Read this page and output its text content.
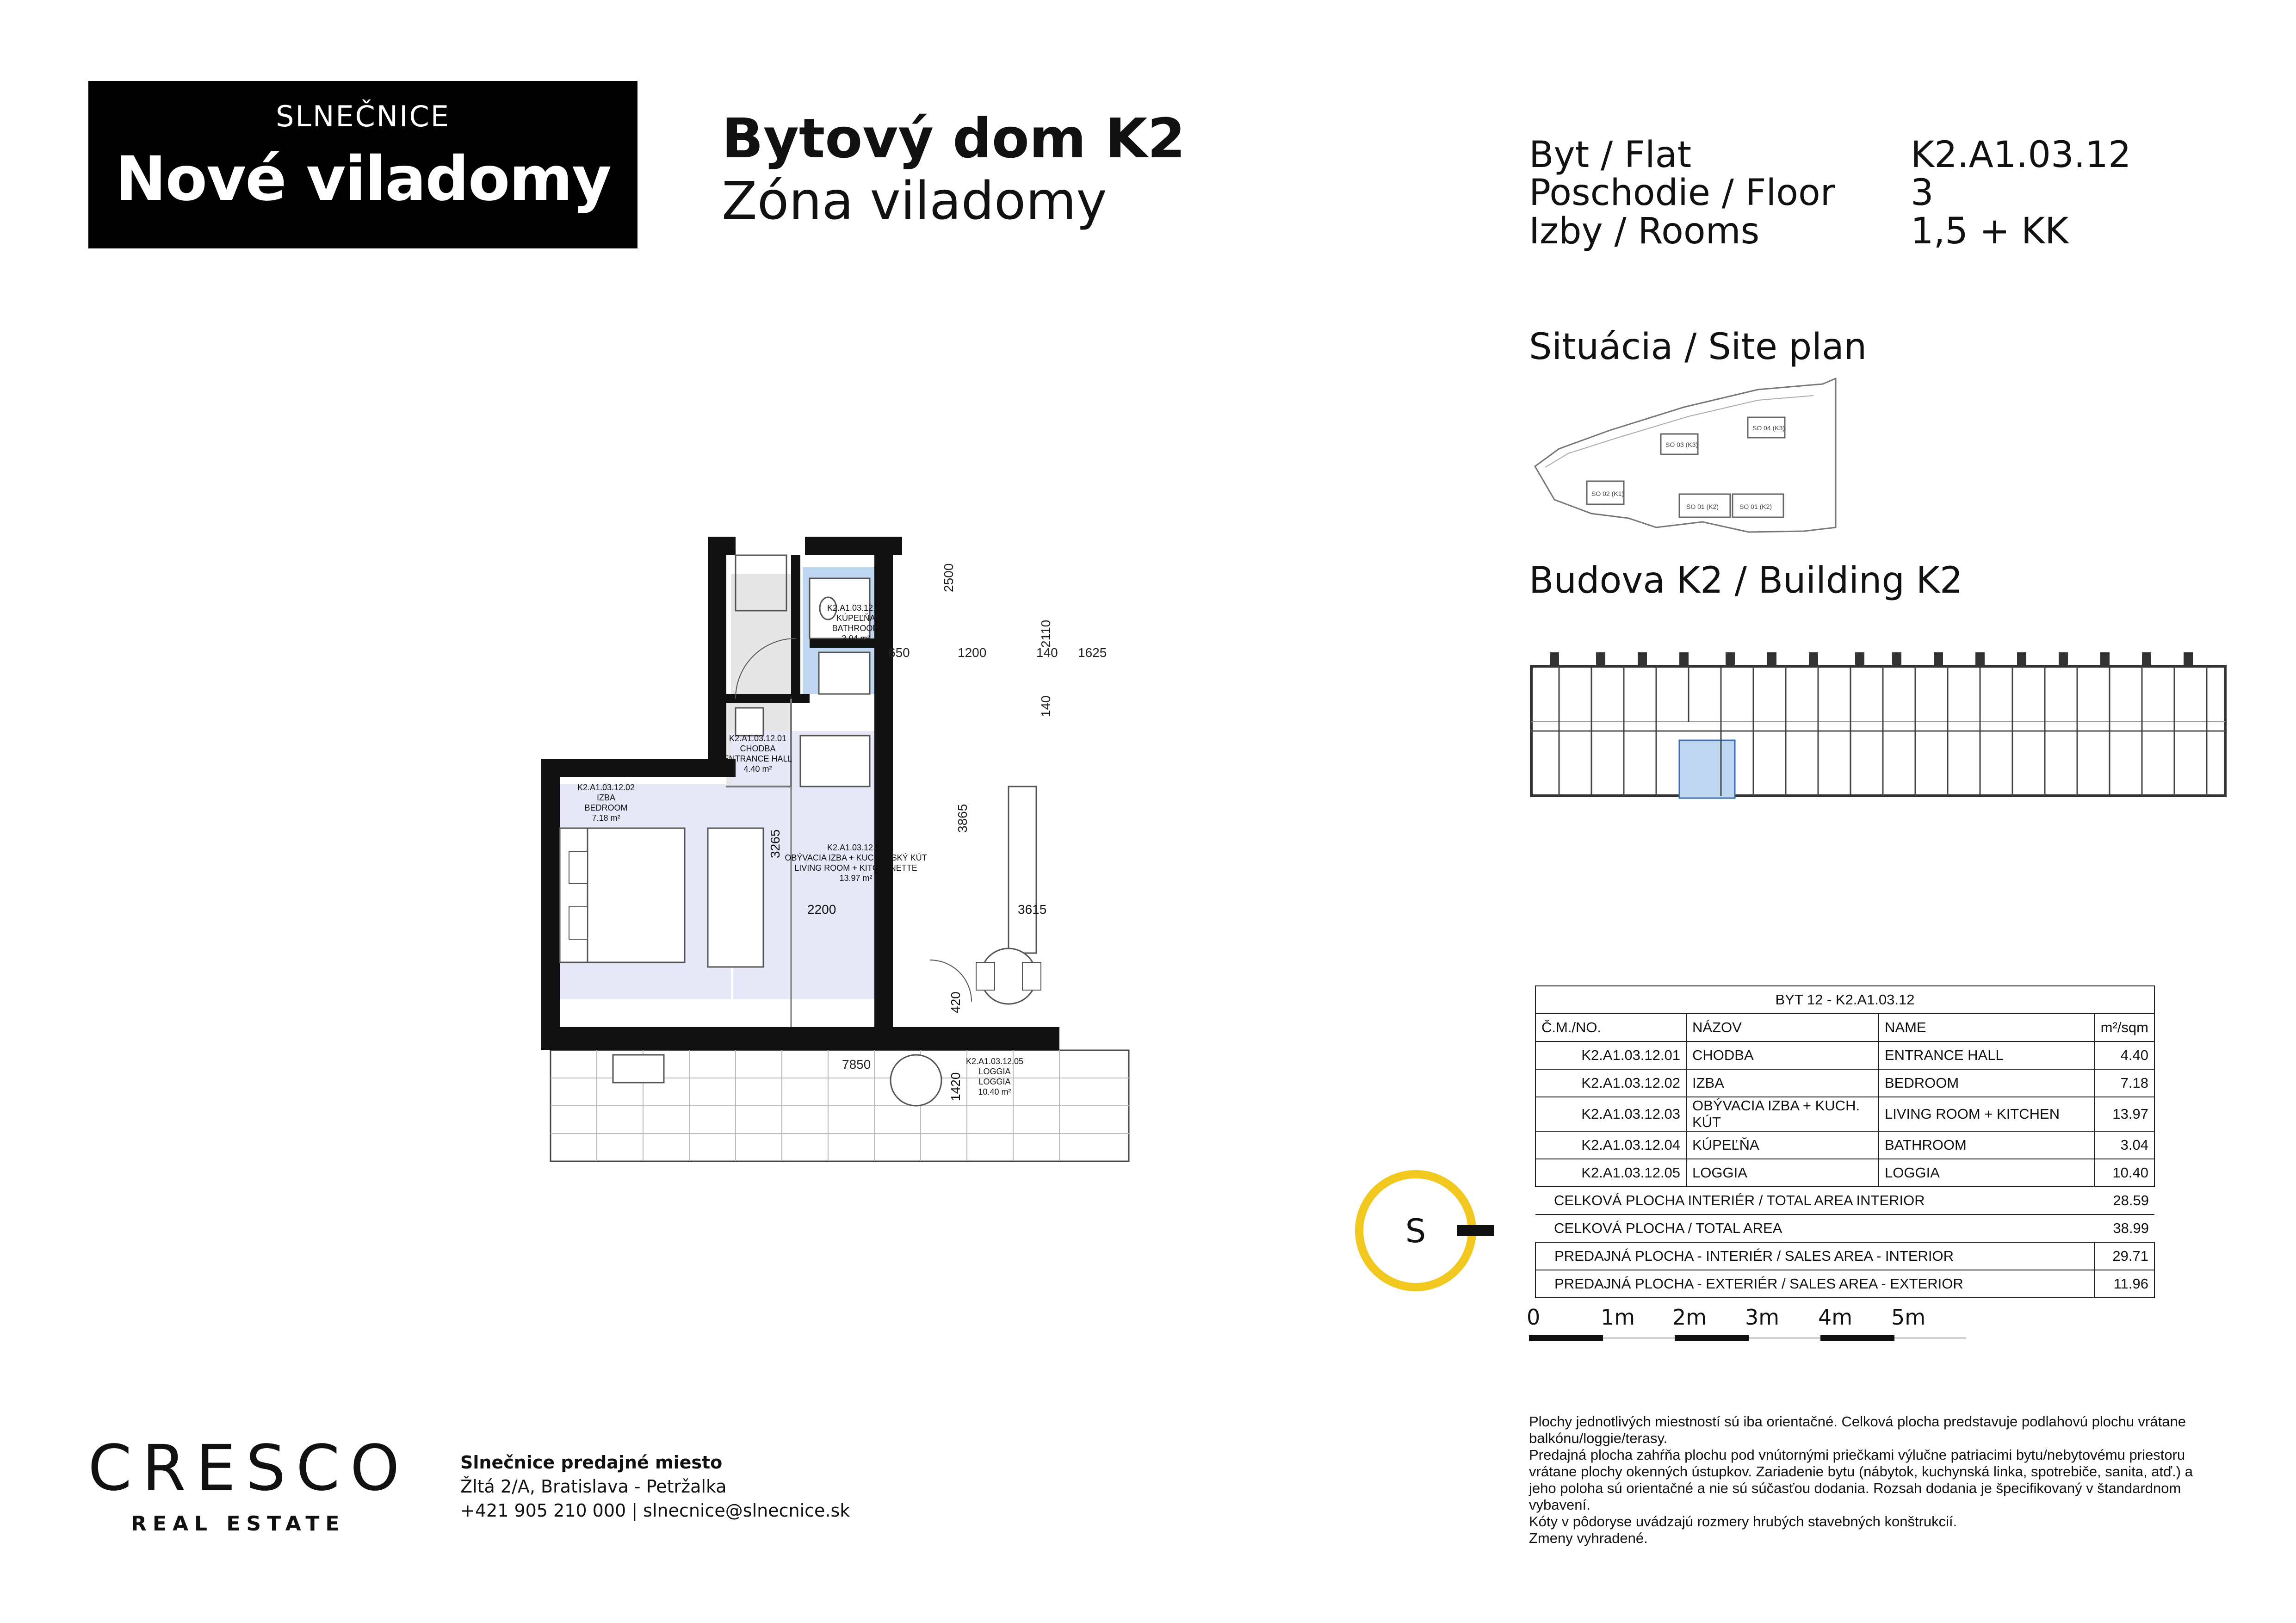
SLNEČNICE
Nové viladomy
Bytový dom K2
Zóna viladomy
Byt / Flat	K2.A1.03.12
Poschodie / Floor 3
Izby / Rooms	1,5 + KK
Situácia / Site plan
SO 03 (K3)
SO 04 (K3)
SO 02 (K1)
SO 01 (K2)	SO 01 (K2)
Budova K2 / Building K2
K2.A1.03.12.01
CHODBA
ENTRANCE HALL
4.40 m²
K2.A1.03.12.02
IZBA
BEDROOM
7.18 m²
K2.A1.03.12.03
OBÝVACIA IZBA + KUCHYNSKÝ KÚT
LIVING ROOM + KITCHENETTE
13.97 m²
K2.A1.03.12.04
KÚPEĽŇA
BATHROOM
3.04 m²
K2.A1.03.12.05
LOGGIA
LOGGIA
10.40 m²
2500
650	1200
2110
140 1625
140
3865
7850
3265
2200	3615
420
1420
S
BYT 12 - K2.A1.03.12			
Č.M./NO.	NÁZOV	NAME	m²/sqm
K2.A1.03.12.01	CHODBA	ENTRANCE HALL	4.40
K2.A1.03.12.02	IZBA	BEDROOM	7.18
K2.A1.03.12.03	OBÝVACIA IZBA + KUCH. KÚT	LIVING ROOM + KITCHEN	13.97
K2.A1.03.12.04	KÚPEĽŇA	BATHROOM	3.04
K2.A1.03.12.05	LOGGIA	LOGGIA	10.40
CELKOVÁ PLOCHA INTERIÉR / TOTAL AREA INTERIOR			28.59
CELKOVÁ PLOCHA / TOTAL AREA			38.99
PREDAJNÁ PLOCHA - INTERIÉR / SALES AREA - INTERIOR			29.71
PREDAJNÁ PLOCHA - EXTERIÉR / SALES AREA - EXTERIOR			11.96
0	1m 2m 3m 4m 5m
Plochy jednotlivých miestností sú iba orientačné. Celková plocha predstavuje podlahovú plochu vrátane balkónu/loggie/terasy.
Predajná plocha zahŕňa plochu pod vnútornými priečkami výlučne patriacimi bytu/nebytovému priestoru vrátane plochy okenných ústupkov. Zariadenie bytu (nábytok, kuchynská linka, spotrebiče, sanita, atď.) a jeho poloha sú orientačné a nie sú súčasťou dodania. Rozsah dodania je špecifikovaný v štandardnom vybavení.
Kóty v pôdoryse uvádzajú rozmery hrubých stavebných konštrukcií.
Zmeny vyhradené.
CRESCO
REAL ESTATE
Slnečnice predajné miesto
Žltá 2/A, Bratislava - Petržalka
+421 905 210 000 | slnecnice@slnecnice.sk
